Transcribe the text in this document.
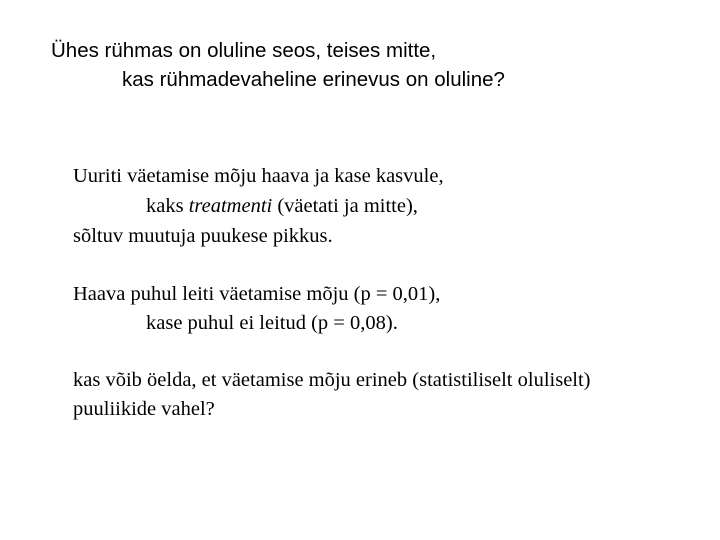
Ühes rühmas on oluline seos, teises mitte,
kas rühmadevaheline erinevus on oluline?

Uuriti väetamise mõju haava ja kase kasvule,

kaks treatmenti (väetati ja mitte),

sõltuv muutuja puukese pikkus.

Haava puhul leiti väetamise mõju (p = 0,01),

kase puhul ei leitud (p = 0,08).

kas võib öelda, et väetamise mõju erineb (statistiliselt oluliselt)

puuliikide vahel?
